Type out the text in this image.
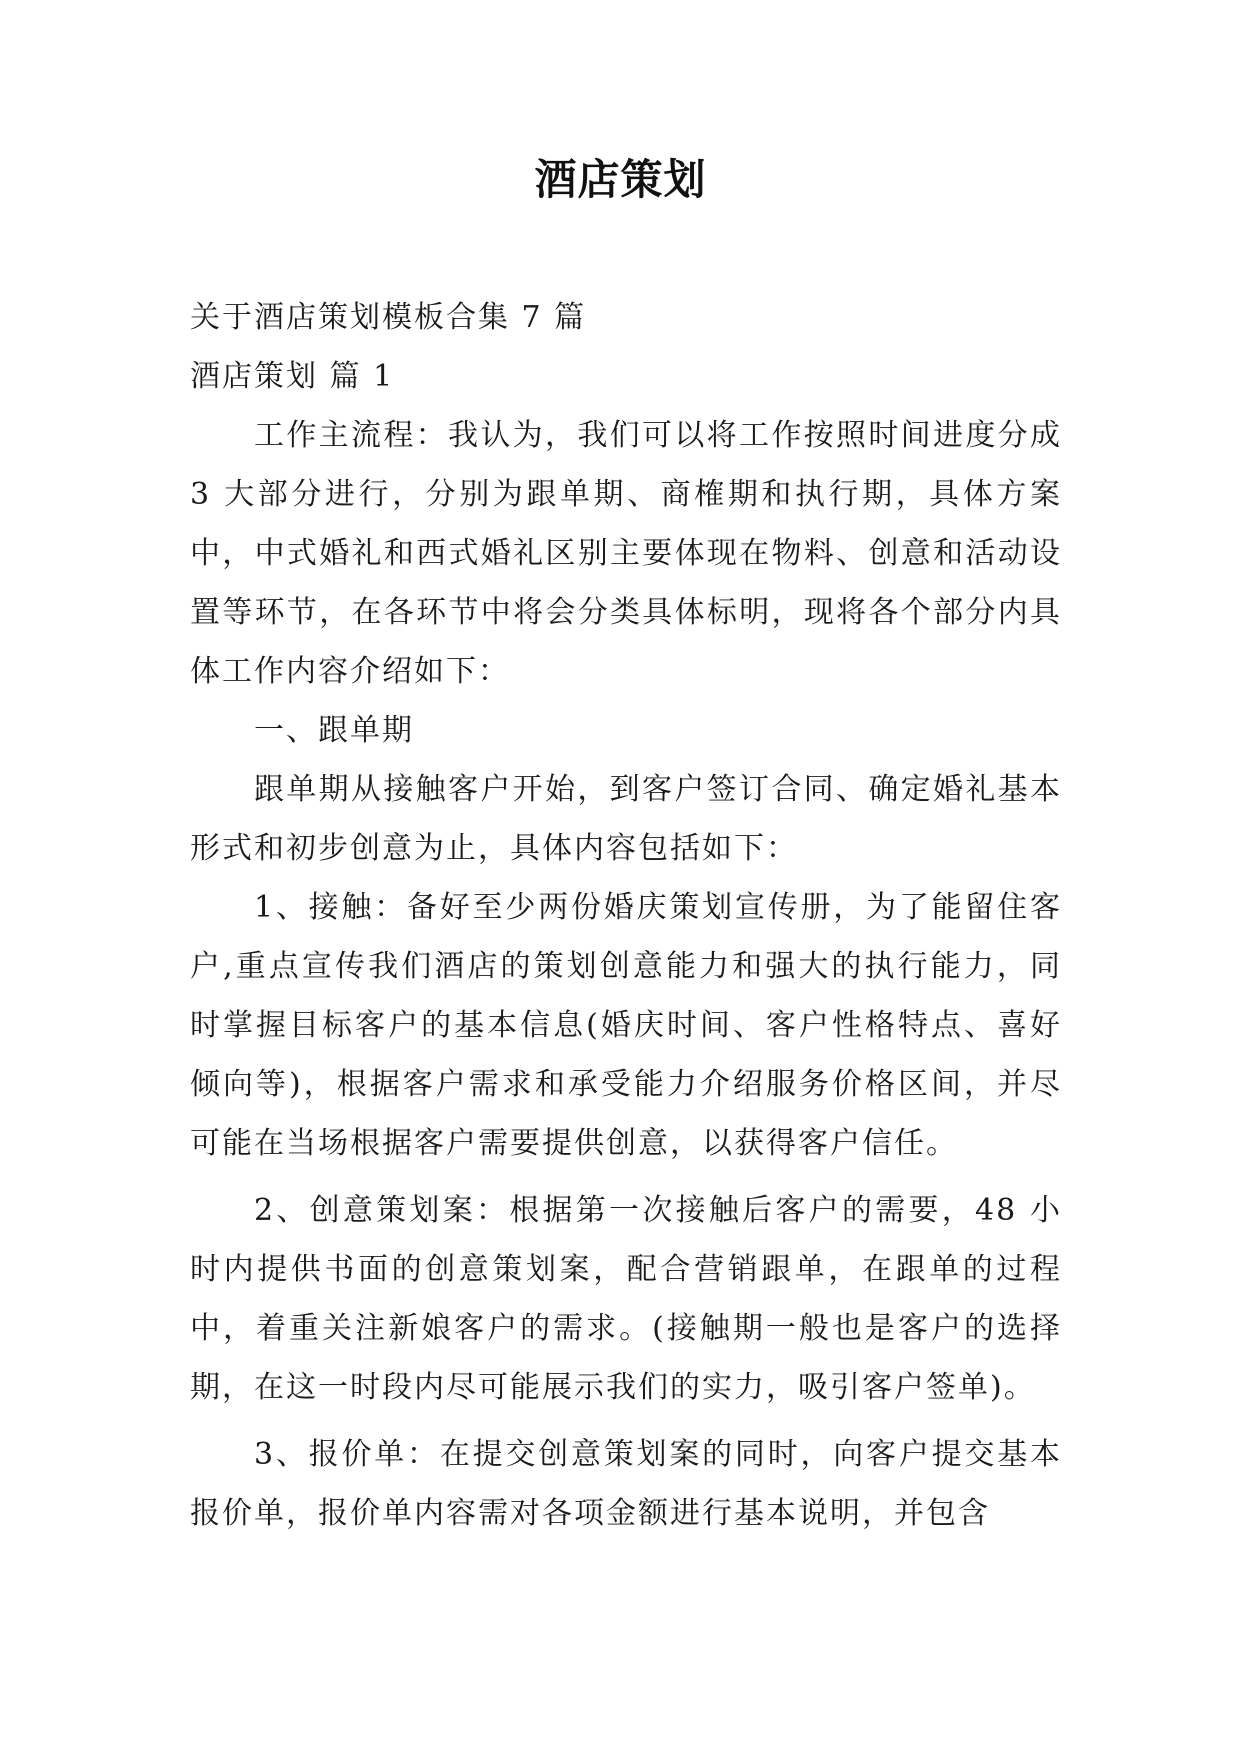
酒店策划

关于酒店策划模板合集 7 篇

酒店策划 篇 1

工作主流程：我认为，我们可以将工作按照时间进度分成 3 大部分进行，分别为跟单期、商榷期和执行期，具体方案中，中式婚礼和西式婚礼区别主要体现在物料、创意和活动设置等环节，在各环节中将会分类具体标明，现将各个部分内具体工作内容介绍如下：

一、跟单期

跟单期从接触客户开始，到客户签订合同、确定婚礼基本形式和初步创意为止，具体内容包括如下：

1、接触：备好至少两份婚庆策划宣传册，为了能留住客户,重点宣传我们酒店的策划创意能力和强大的执行能力，同时掌握目标客户的基本信息(婚庆时间、客户性格特点、喜好倾向等)，根据客户需求和承受能力介绍服务价格区间，并尽可能在当场根据客户需要提供创意，以获得客户信任。

2、创意策划案：根据第一次接触后客户的需要，48 小时内提供书面的创意策划案，配合营销跟单，在跟单的过程中，着重关注新娘客户的需求。(接触期一般也是客户的选择期，在这一时段内尽可能展示我们的实力，吸引客户签单)。

3、报价单：在提交创意策划案的同时，向客户提交基本报价单，报价单内容需对各项金额进行基本说明，并包含
